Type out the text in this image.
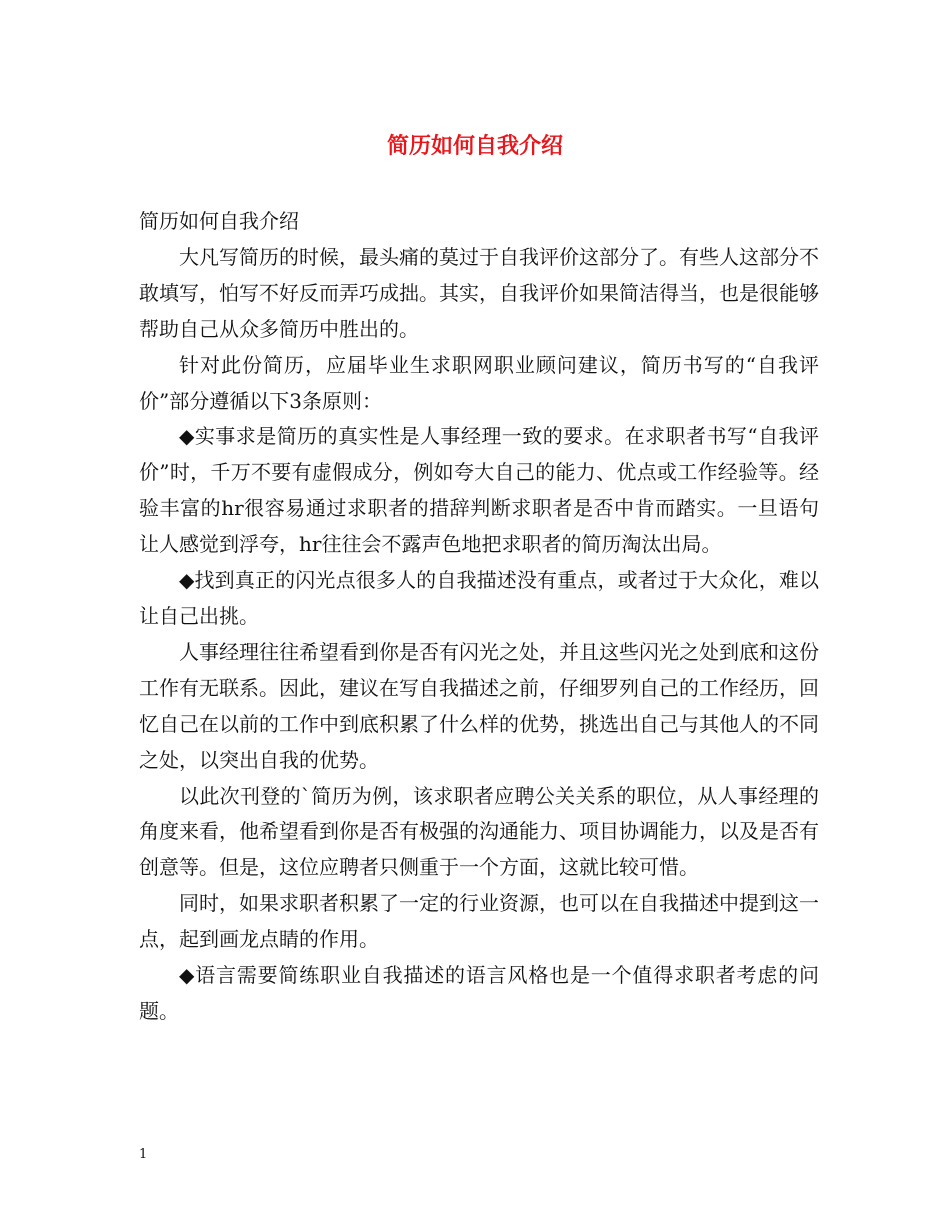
简历如何自我介绍

简历如何自我介绍

大凡写简历的时候，最头痛的莫过于自我评价这部分了。有些人这部分不敢填写，怕写不好反而弄巧成拙。其实，自我评价如果简洁得当，也是很能够帮助自己从众多简历中胜出的。

针对此份简历，应届毕业生求职网职业顾问建议，简历书写的“自我评价”部分遵循以下3条原则：

◆实事求是简历的真实性是人事经理一致的要求。在求职者书写“自我评价”时，千万不要有虚假成分，例如夸大自己的能力、优点或工作经验等。经验丰富的hr很容易通过求职者的措辞判断求职者是否中肯而踏实。一旦语句让人感觉到浮夸，hr往往会不露声色地把求职者的简历淘汰出局。

◆找到真正的闪光点很多人的自我描述没有重点，或者过于大众化，难以让自己出挑。

人事经理往往希望看到你是否有闪光之处，并且这些闪光之处到底和这份工作有无联系。因此，建议在写自我描述之前，仔细罗列自己的工作经历，回忆自己在以前的工作中到底积累了什么样的优势，挑选出自己与其他人的不同之处，以突出自我的优势。

以此次刊登的`简历为例，该求职者应聘公关关系的职位，从人事经理的角度来看，他希望看到你是否有极强的沟通能力、项目协调能力，以及是否有创意等。但是，这位应聘者只侧重于一个方面，这就比较可惜。

同时，如果求职者积累了一定的行业资源，也可以在自我描述中提到这一点，起到画龙点睛的作用。

◆语言需要简练职业自我描述的语言风格也是一个值得求职者考虑的问题。

1
